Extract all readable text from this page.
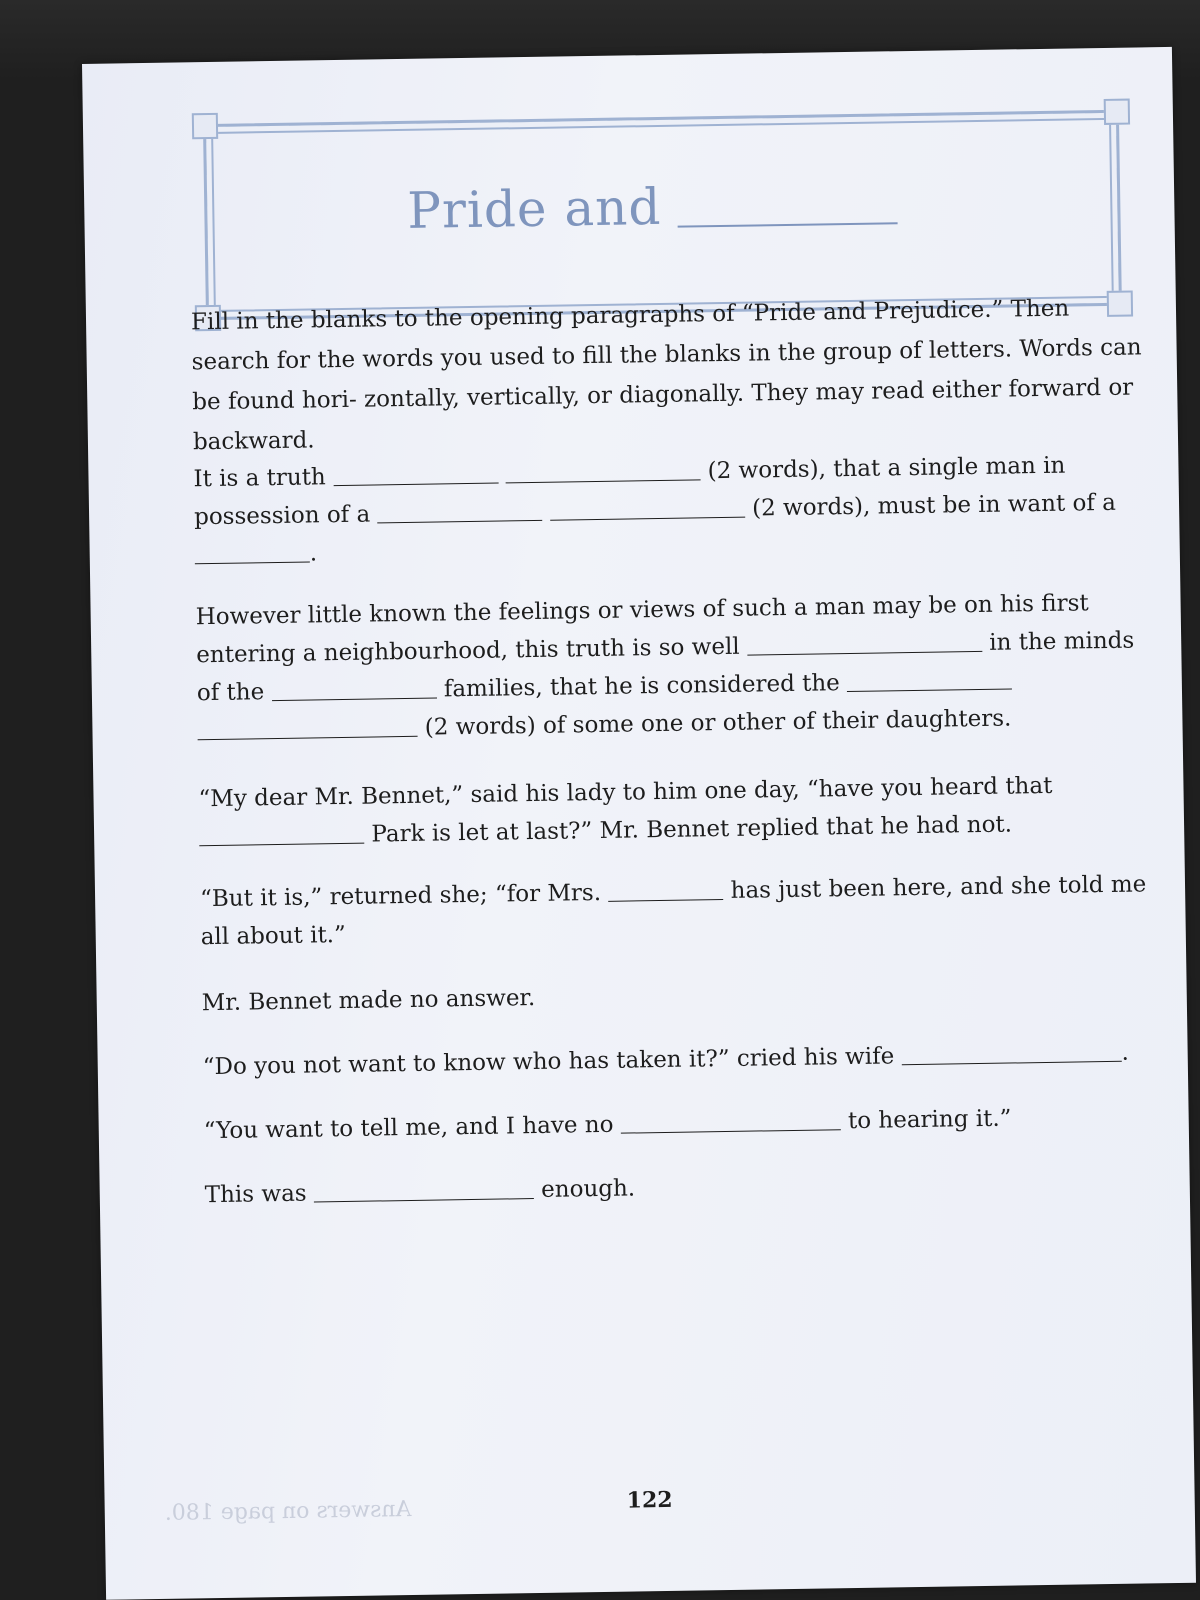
Pride and
Fill in the blanks to the opening paragraphs of “Pride and Prejudice.” Then search for the words you used to fill the blanks in the group of letters. Words can be found hori- zontally, vertically, or diagonally. They may read either forward or backward.
It is a truth	(2 words), that a single man in possession of a	(2 words), must be in want of a .
However little known the feelings or views of such a man may be on his first entering a neighbourhood, this truth is so well	in the minds of the	families, that he is considered the   (2 words) of some one or other of their daughters.
“My dear Mr. Bennet,” said his lady to him one day, “have you heard that  Park is let at last?” Mr. Bennet replied that he had not.
“But it is,” returned she; “for Mrs.	has just been here, and she told me all about it.”
Mr. Bennet made no answer.
“Do you not want to know who has taken it?” cried his wife	.
“You want to tell me, and I have no	to hearing it.”
This was	enough.
Answers on page 180.	122
